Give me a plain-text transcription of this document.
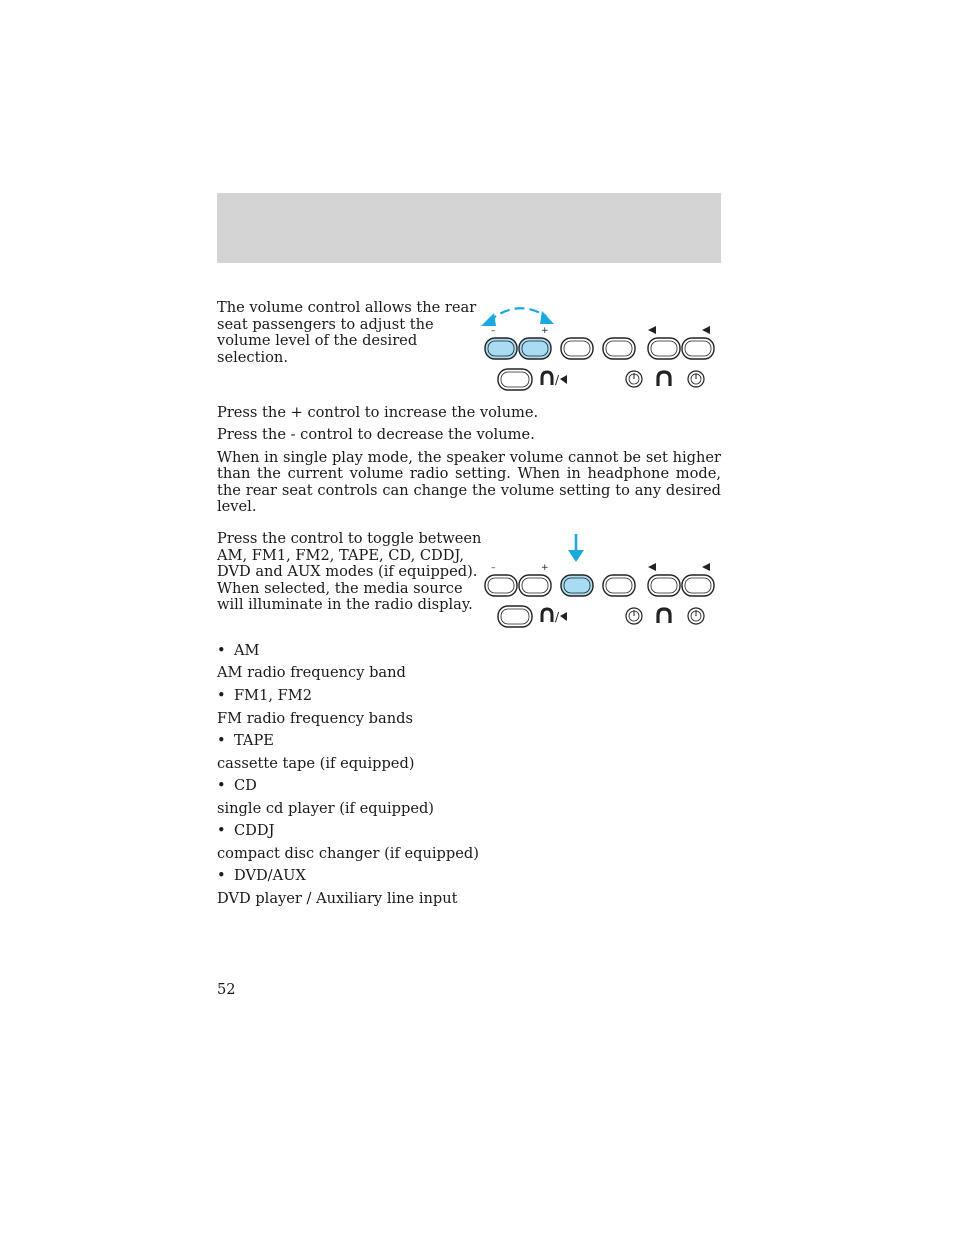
The volume control allows the rear
seat passengers to adjust the
volume level of the desired
selection.
–	+
/

Press the + control to increase the volume.

Press the - control to decrease the volume.

When in single play mode, the speaker volume cannot be set higher than the current volume radio setting. When in headphone mode, the rear seat controls can change the volume setting to any desired level.

Press the control to toggle between
AM, FM1, FM2, TAPE, CD, CDDJ,
DVD and AUX modes (if equipped).
When selected, the media source
will illuminate in the radio display.
–	+
/
• AM
AM radio frequency band
• FM1, FM2
FM radio frequency bands
• TAPE
cassette tape (if equipped)
• CD
single cd player (if equipped)
• CDDJ
compact disc changer (if equipped)
• DVD/AUX
DVD player / Auxiliary line input
52
